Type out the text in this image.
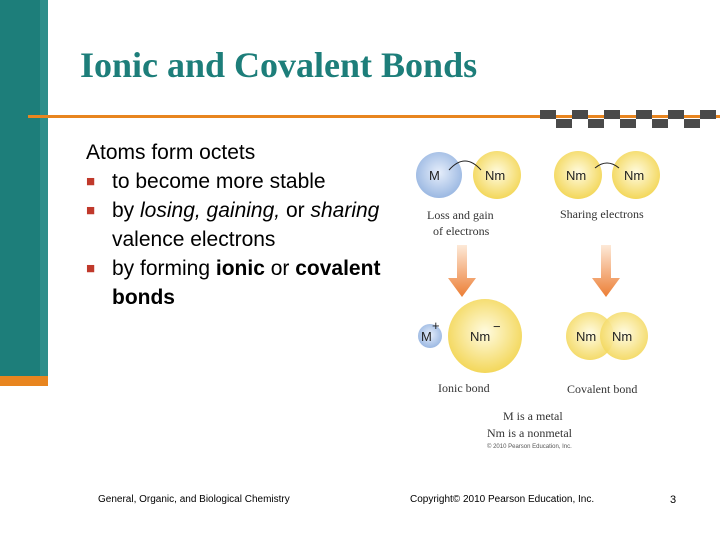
Ionic and Covalent Bonds
Atoms form octets
■ to become more stable
■ by losing, gaining, or sharing valence electrons
■ by forming ionic or covalent bonds
M	Nm
Loss and gain
of electrons
Nm	Nm
Sharing electrons
M
+
Nm
−
Ionic bond
Nm Nm
Covalent bond
M is a metal
Nm is a nonmetal
© 2010 Pearson Education, Inc.
General, Organic, and Biological Chemistry	Copyright© 2010 Pearson Education, Inc.	3
